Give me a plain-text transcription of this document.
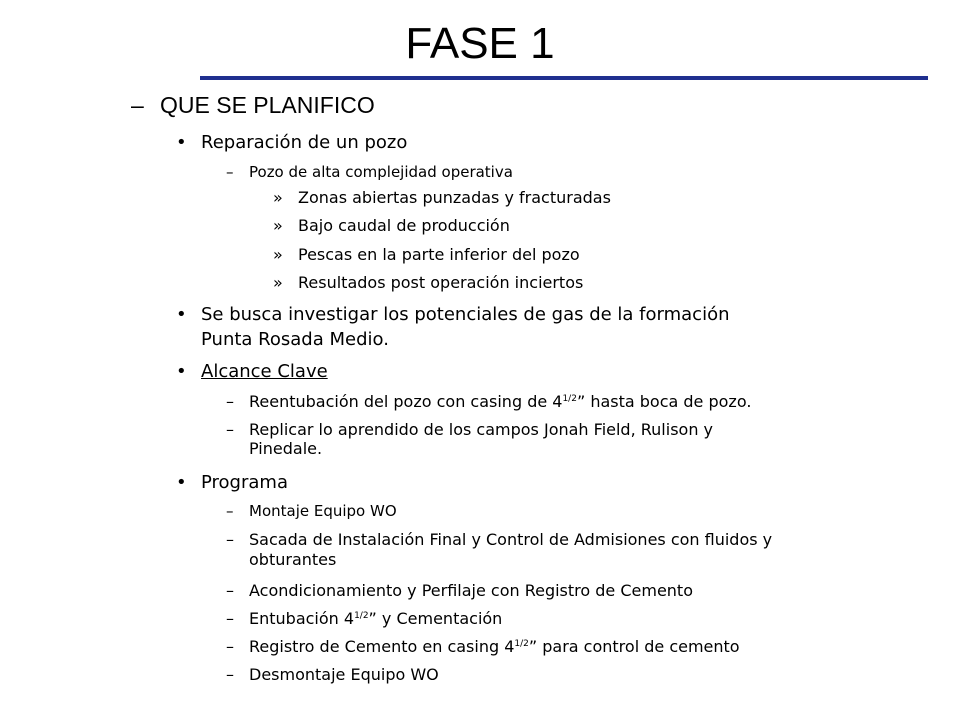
FASE 1
– QUE SE PLANIFICO
• Reparación de un pozo
– Pozo de alta complejidad operativa
» Zonas abiertas punzadas y fracturadas
» Bajo caudal de producción
» Pescas en la parte inferior del pozo
» Resultados post operación inciertos
• Se busca investigar los potenciales de gas de la formación
Punta Rosada Medio.
• Alcance Clave
– Reentubación del pozo con casing de $4^{1/2}$” hasta boca de pozo.
– Replicar lo aprendido de los campos Jonah Field, Rulison y
Pinedale.
• Programa
– Montaje Equipo WO
– Sacada de Instalación Final y Control de Admisiones con fluidos y
obturantes
– Acondicionamiento y Perfilaje con Registro de Cemento
– Entubación $4^{1/2}$” y Cementación
– Registro de Cemento en casing $4^{1/2}$” para control de cemento
– Desmontaje Equipo WO
